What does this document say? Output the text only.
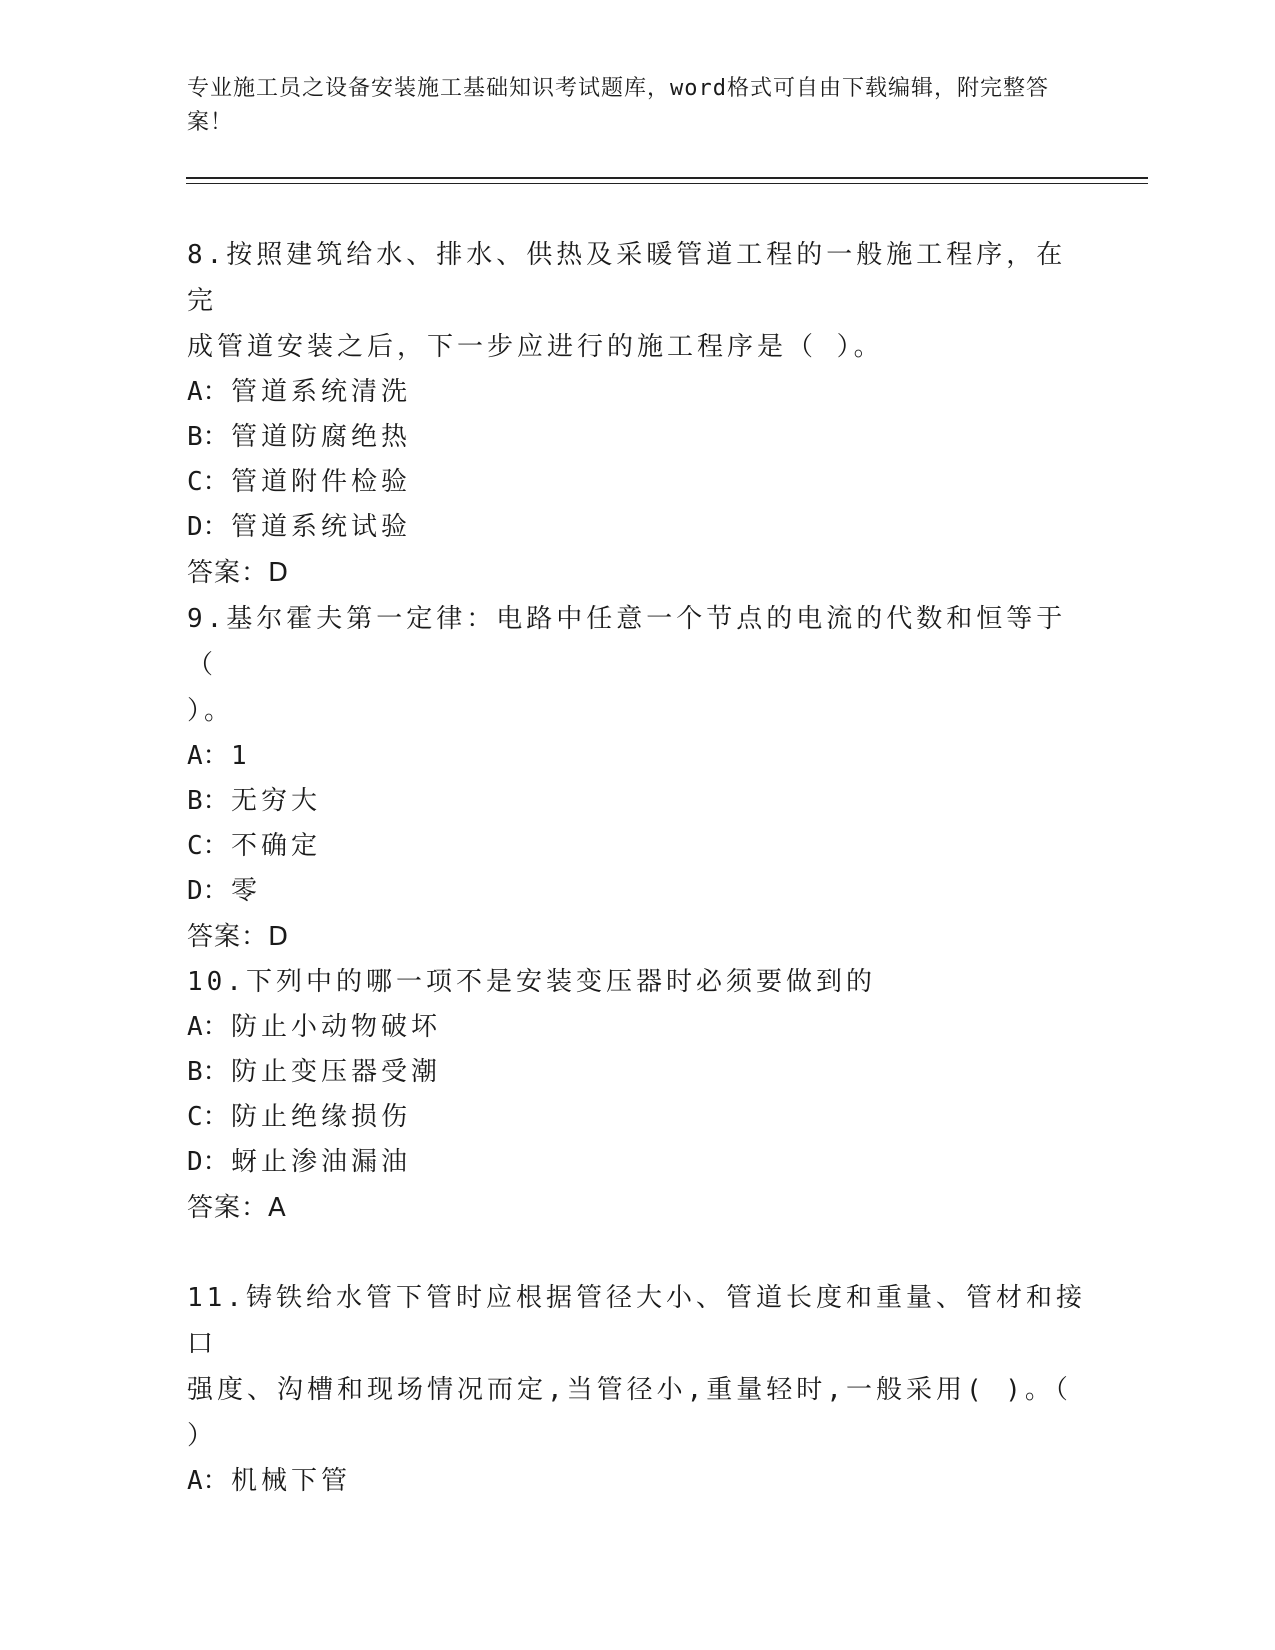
专业施工员之设备安装施工基础知识考试题库，word格式可自由下载编辑，附完整答案！

8.按照建筑给水、排水、供热及采暖管道工程的一般施工程序，在完

成管道安装之后，下一步应进行的施工程序是（ ）。

A：管道系统清洗

B：管道防腐绝热

C：管道附件检验

D：管道系统试验

答案：D

9.基尔霍夫第一定律：电路中任意一个节点的电流的代数和恒等于（

）。

A：1

B：无穷大

C：不确定

D：零

答案：D

10.下列中的哪一项不是安装变压器时必须要做到的

A：防止小动物破坏

B：防止变压器受潮

C：防止绝缘损伤

D：蚜止渗油漏油

答案：A

11.铸铁给水管下管时应根据管径大小、管道长度和重量、管材和接口

强度、沟槽和现场情况而定,当管径小,重量轻时,一般采用( )。（

）

A：机械下管
